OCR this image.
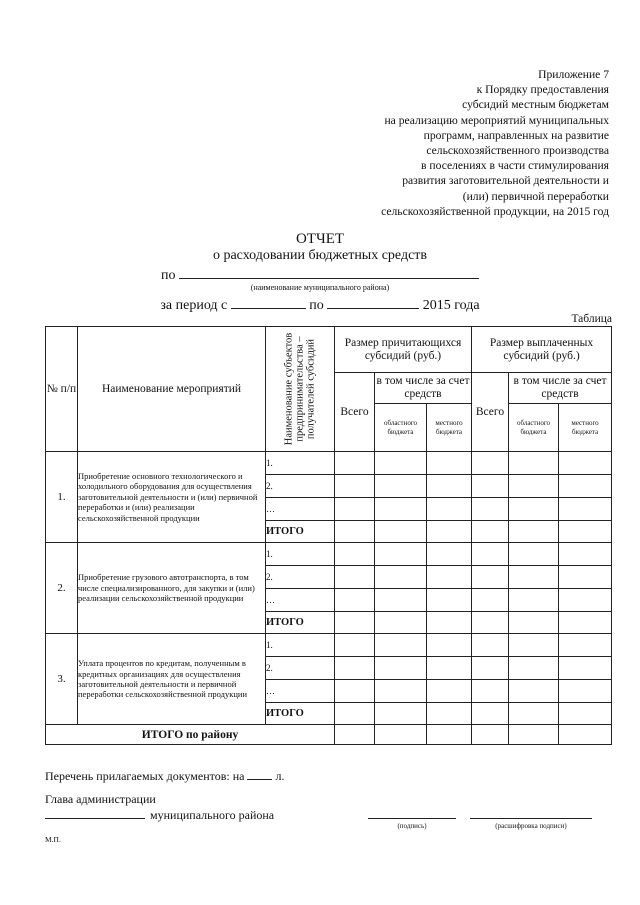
Приложение 7
к Порядку предоставления
субсидий местным бюджетам
на реализацию мероприятий муниципальных
программ, направленных на развитие
сельскохозяйственного производства
в поселениях в части стимулирования
развития заготовительной деятельности и
(или) первичной переработки
сельскохозяйственной продукции, на 2015 год
ОТЧЕТ
о расходовании бюджетных средств
по
(наименование муниципального района)
за период с	по	2015 года
Таблица
№ п/п	Наименование мероприятий	Наименование субъектов предпринимательства – получателей субсидий	Размер причитающихся субсидий (руб.)			Размер выплаченных субсидий (руб.)		
			Всего	в том числе за счет средств		Всего	в том числе за счет средств	
				областного бюджета	местного бюджета		областного бюджета	местного бюджета
1.	Приобретение основного технологического и холодильного оборудования для осуществления заготовительной деятельности и (или) первичной переработки и (или) реализации сельскохозяйственной продукции	1.						
		2.						
		…						
		ИТОГО						
2.	Приобретение грузового автотранспорта, в том числе специализированного, для закупки и (или) реализации сельскохозяйственной продукции	1.						
		2.						
		…						
		ИТОГО						
3.	Уплата процентов по кредитам, полученным в кредитных организациях для осуществления заготовительной деятельности и первичной переработки сельскохозяйственной продукции	1.						
		2.						
		…						
		ИТОГО						
ИТОГО по району								
Перечень прилагаемых документов: на	л.
Глава администрации
муниципального района
(подпись)	(расшифровка подписи)
М.П.
